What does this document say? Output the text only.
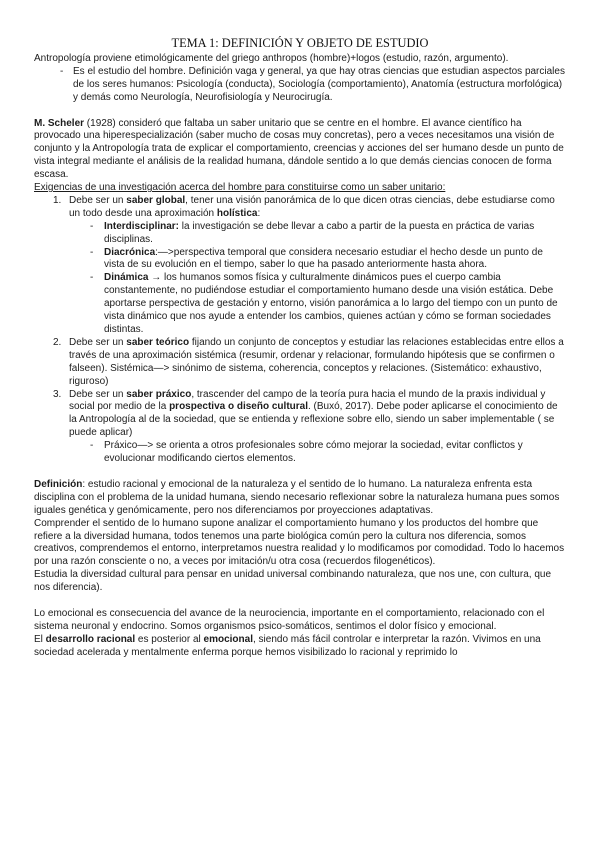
TEMA 1: DEFINICIÓN Y OBJETO DE ESTUDIO

Antropología proviene etimológicamente del griego anthropos (hombre)+logos (estudio, razón, argumento).

- Es el estudio del hombre. Definición vaga y general, ya que hay otras ciencias que estudian aspectos parciales de los seres humanos: Psicología (conducta), Sociología (comportamiento), Anatomía (estructura morfológica) y demás como Neurología, Neurofisiología y Neurocirugía.

M. Scheler (1928) consideró que faltaba un saber unitario que se centre en el hombre. El avance científico ha provocado una hiperespecialización (saber mucho de cosas muy concretas), pero a veces necesitamos una visión de conjunto y la Antropología trata de explicar el comportamiento, creencias y acciones del ser humano desde un punto de vista integral mediante el análisis de la realidad humana, dándole sentido a lo que demás ciencias conocen de forma escasa.

Exigencias de una investigación acerca del hombre para constituirse como un saber unitario:

1. Debe ser un saber global, tener una visión panorámica de lo que dicen otras ciencias, debe estudiarse como un todo desde una aproximación holística:
- Interdisciplinar: la investigación se debe llevar a cabo a partir de la puesta en práctica de varias disciplinas.
- Diacrónica:—>perspectiva temporal que considera necesario estudiar el hecho desde un punto de vista de su evolución en el tiempo, saber lo que ha pasado anteriormente hasta ahora.
- Dinámica → los humanos somos física y culturalmente dinámicos pues el cuerpo cambia constantemente, no pudiéndose estudiar el comportamiento humano desde una visión estática. Debe aportarse perspectiva de gestación y entorno, visión panorámica a lo largo del tiempo con un punto de vista dinámico que nos ayude a entender los cambios, quienes actúan y cómo se forman sociedades distintas.
2. Debe ser un saber teórico fijando un conjunto de conceptos y estudiar las relaciones establecidas entre ellos a través de una aproximación sistémica (resumir, ordenar y relacionar, formulando hipótesis que se confirmen o falseen). Sistémica—> sinónimo de sistema, coherencia, conceptos y relaciones. (Sistemático: exhaustivo, riguroso)
3. Debe ser un saber práxico, trascender del campo de la teoría pura hacia el mundo de la praxis individual y social por medio de la prospectiva o diseño cultural. (Buxó, 2017). Debe poder aplicarse el conocimiento de la Antropología al de la sociedad, que se entienda y reflexione sobre ello, siendo un saber implementable ( se puede aplicar)
- Práxico—> se orienta a otros profesionales sobre cómo mejorar la sociedad, evitar conflictos y evolucionar modificando ciertos elementos.

Definición: estudio racional y emocional de la naturaleza y el sentido de lo humano. La naturaleza enfrenta esta disciplina con el problema de la unidad humana, siendo necesario reflexionar sobre la naturaleza humana pues somos iguales genética y genómicamente, pero nos diferenciamos por proyecciones adaptativas.

Comprender el sentido de lo humano supone analizar el comportamiento humano y los productos del hombre que refiere a la diversidad humana, todos tenemos una parte biológica común pero la cultura nos diferencia, somos creativos, comprendemos el entorno, interpretamos nuestra realidad y lo modificamos por comodidad. Todo lo hacemos por una razón consciente o no, a veces por imitación/u otra cosa (recuerdos filogenéticos).

Estudia la diversidad cultural para pensar en unidad universal combinando naturaleza, que nos une, con cultura, que nos diferencia).

Lo emocional es consecuencia del avance de la neurociencia, importante en el comportamiento, relacionado con el sistema neuronal y endocrino. Somos organismos psico-somáticos, sentimos el dolor físico y emocional.

El desarrollo racional es posterior al emocional, siendo más fácil controlar e interpretar la razón. Vivimos en una sociedad acelerada y mentalmente enferma porque hemos visibilizado lo racional y reprimido lo
